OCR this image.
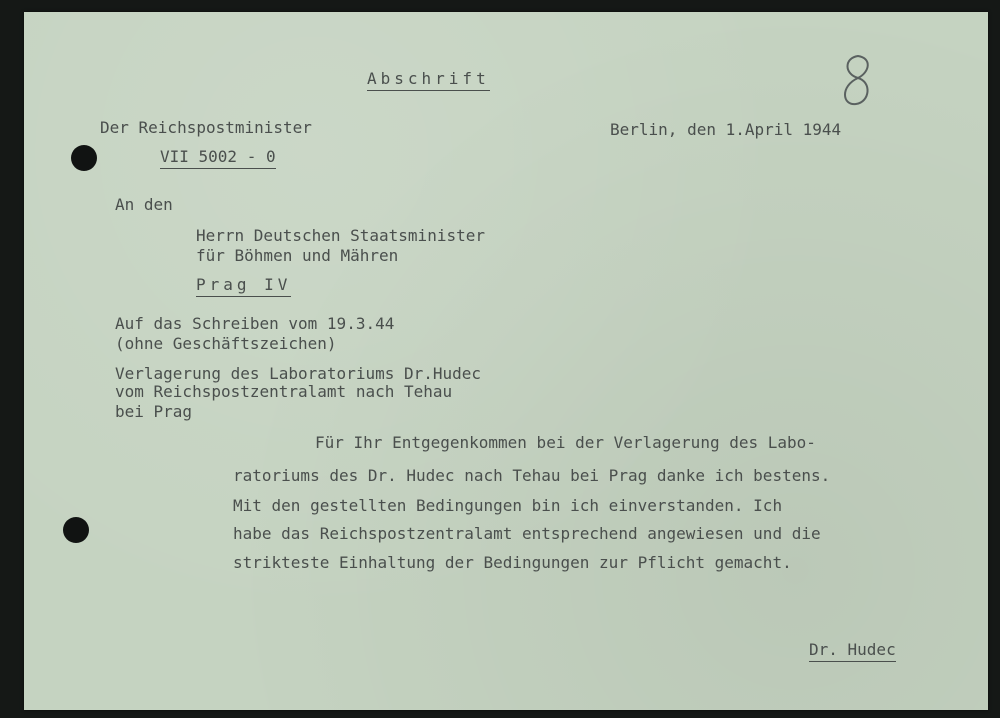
Abschrift
Der Reichspostminister	Berlin, den 1.April 1944
VII 5002 - 0
An den
Herrn Deutschen Staatsminister
für Böhmen und Mähren
Prag IV
Auf das Schreiben vom 19.3.44
(ohne Geschäftszeichen)
Verlagerung des Laboratoriums Dr.Hudec
vom Reichspostzentralamt nach Tehau
bei Prag
Für Ihr Entgegenkommen bei der Verlagerung des Labo-
ratoriums des Dr. Hudec nach Tehau bei Prag danke ich bestens.
Mit den gestellten Bedingungen bin ich einverstanden. Ich
habe das Reichspostzentralamt entsprechend angewiesen und die
strikteste Einhaltung der Bedingungen zur Pflicht gemacht.
Dr. Hudec
